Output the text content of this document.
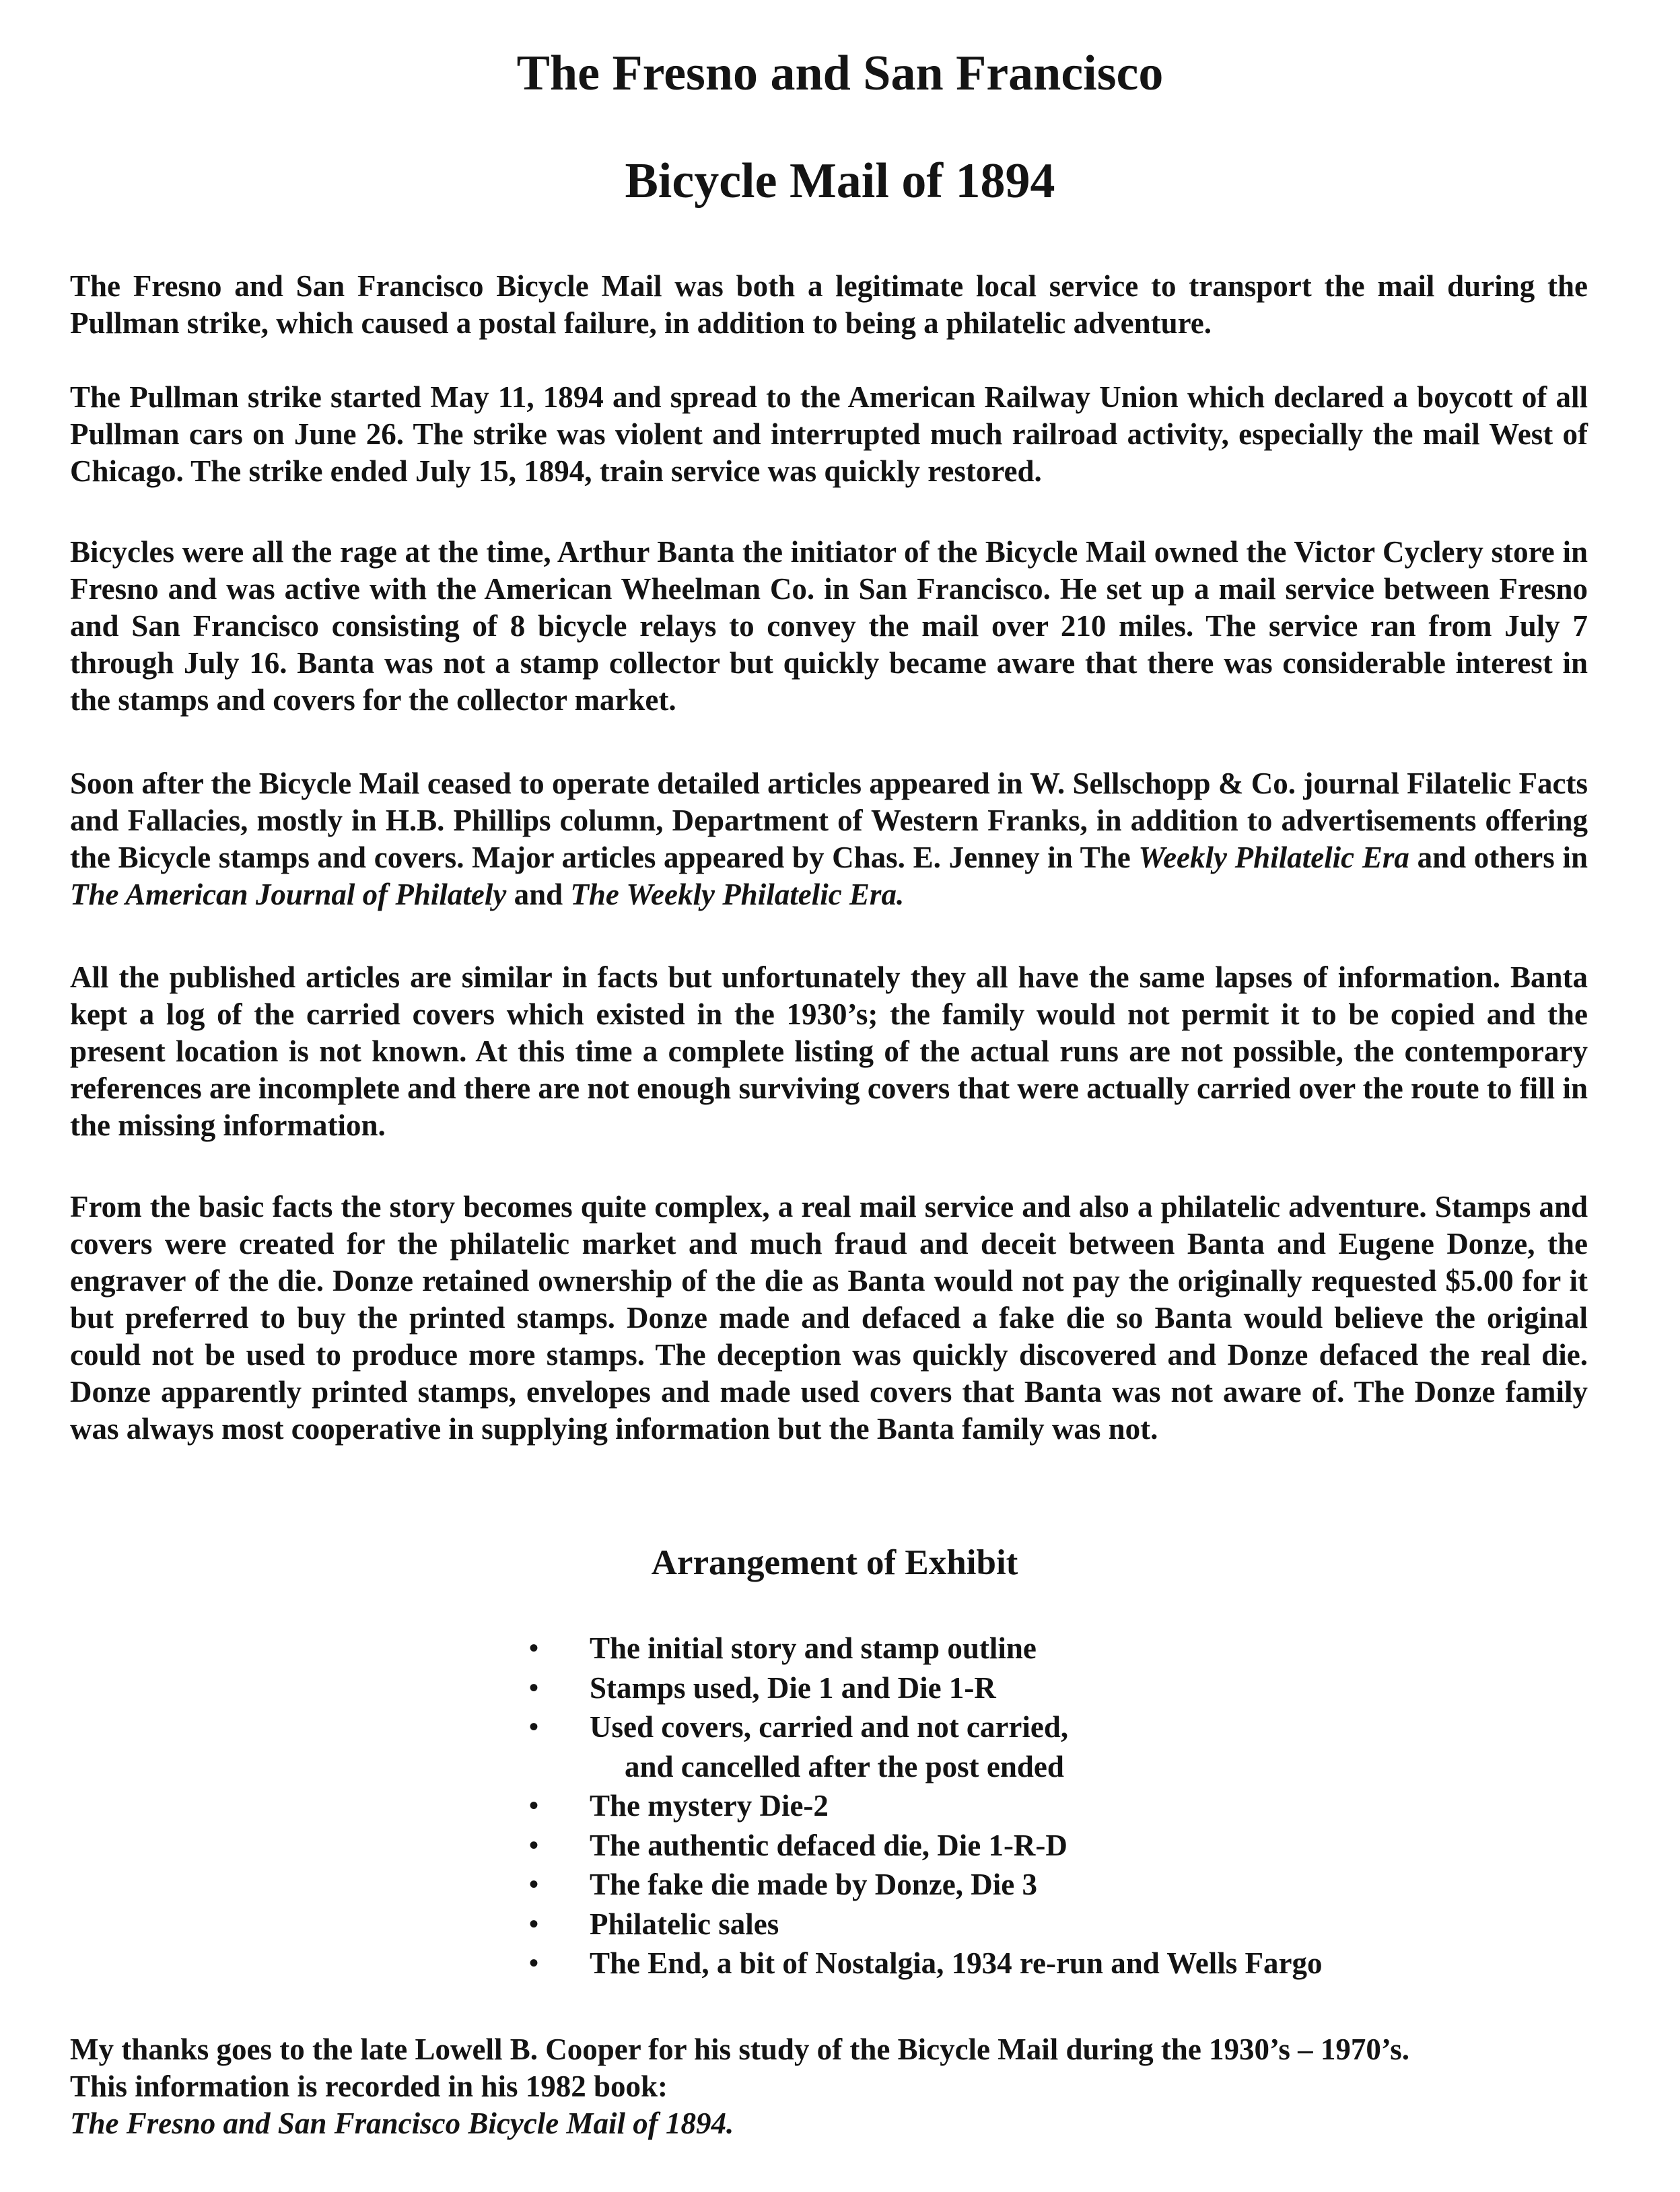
The Fresno and San Francisco
Bicycle Mail of 1894

The Fresno and San Francisco Bicycle Mail was both a legitimate local service to transport the mail during the Pullman strike, which caused a postal failure, in addition to being a philatelic adventure.

The Pullman strike started May 11, 1894 and spread to the American Railway Union which declared a boycott of all Pullman cars on June 26. The strike was violent and interrupted much railroad activity, especially the mail West of Chicago. The strike ended July 15, 1894, train service was quickly restored.

Bicycles were all the rage at the time, Arthur Banta the initiator of the Bicycle Mail owned the Victor Cyclery store in Fresno and was active with the American Wheelman Co. in San Francisco. He set up a mail service between Fresno and San Francisco consisting of 8 bicycle relays to convey the mail over 210 miles. The service ran from July 7 through July 16. Banta was not a stamp collector but quickly became aware that there was considerable interest in the stamps and covers for the collector market.

Soon after the Bicycle Mail ceased to operate detailed articles appeared in W. Sellschopp & Co. journal Filatelic Facts and Fallacies, mostly in H.B. Phillips column, Department of Western Franks, in addition to advertisements offering the Bicycle stamps and covers. Major articles appeared by Chas. E. Jenney in The Weekly Philatelic Era and others in The American Journal of Philately and The Weekly Philatelic Era.

All the published articles are similar in facts but unfortunately they all have the same lapses of information. Banta kept a log of the carried covers which existed in the 1930’s; the family would not permit it to be copied and the present location is not known. At this time a complete listing of the actual runs are not possible, the contemporary references are incomplete and there are not enough surviving covers that were actually carried over the route to fill in the missing information.

From the basic facts the story becomes quite complex, a real mail service and also a philatelic adventure. Stamps and covers were created for the philatelic market and much fraud and deceit between Banta and Eugene Donze, the engraver of the die. Donze retained ownership of the die as Banta would not pay the originally requested $5.00 for it but preferred to buy the printed stamps. Donze made and defaced a fake die so Banta would believe the original could not be used to produce more stamps. The deception was quickly discovered and Donze defaced the real die. Donze apparently printed stamps, envelopes and made used covers that Banta was not aware of. The Donze family was always most cooperative in supplying information but the Banta family was not.

Arrangement of Exhibit
• The initial story and stamp outline
• Stamps used, Die 1 and Die 1-R
• Used covers, carried and not carried,
and cancelled after the post ended
• The mystery Die-2
• The authentic defaced die, Die 1-R-D
• The fake die made by Donze, Die 3
• Philatelic sales
• The End, a bit of Nostalgia, 1934 re-run and Wells Fargo

My thanks goes to the late Lowell B. Cooper for his study of the Bicycle Mail during the 1930’s – 1970’s.
This information is recorded in his 1982 book:
The Fresno and San Francisco Bicycle Mail of 1894.
